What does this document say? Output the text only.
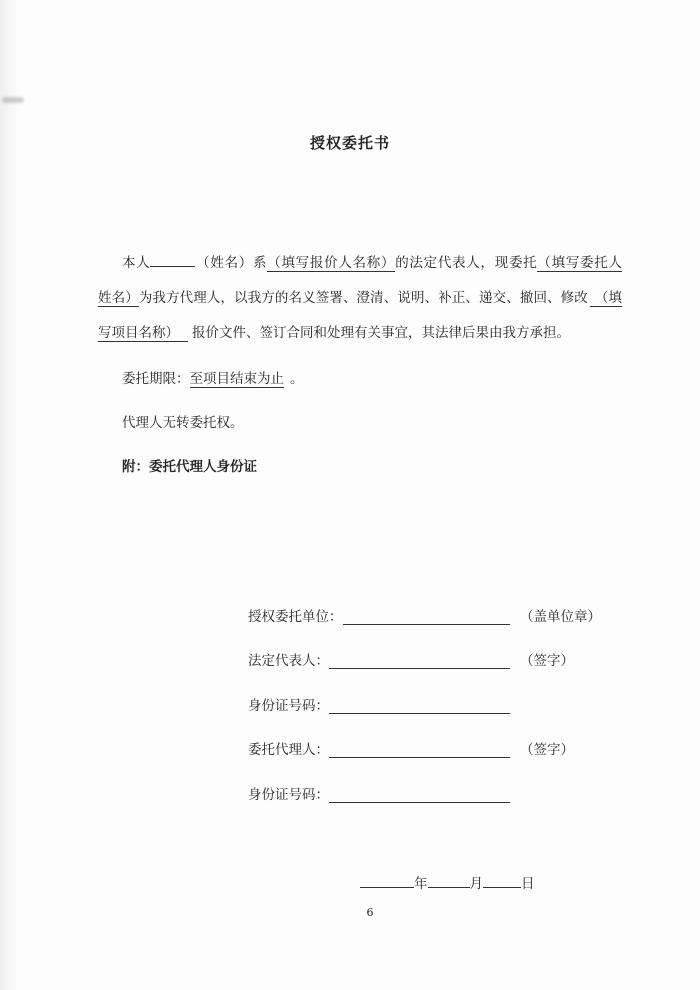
授权委托书
本人	（姓名）系（填写报价人名称）的法定代表人，现委托（填写委托人
姓名）为我方代理人，以我方的名义签署、澄清、说明、补正、递交、撤回、修改 （填
写项目名称） 报价文件、签订合同和处理有关事宜，其法律后果由我方承担。
委托期限：至项目结束为止 。
代理人无转委托权。
附：委托代理人身份证
授权委托单位：	（盖单位章）
法定代表人：	（签字）
身份证号码：
委托代理人：	（签字）
身份证号码：
年	月	日
6
